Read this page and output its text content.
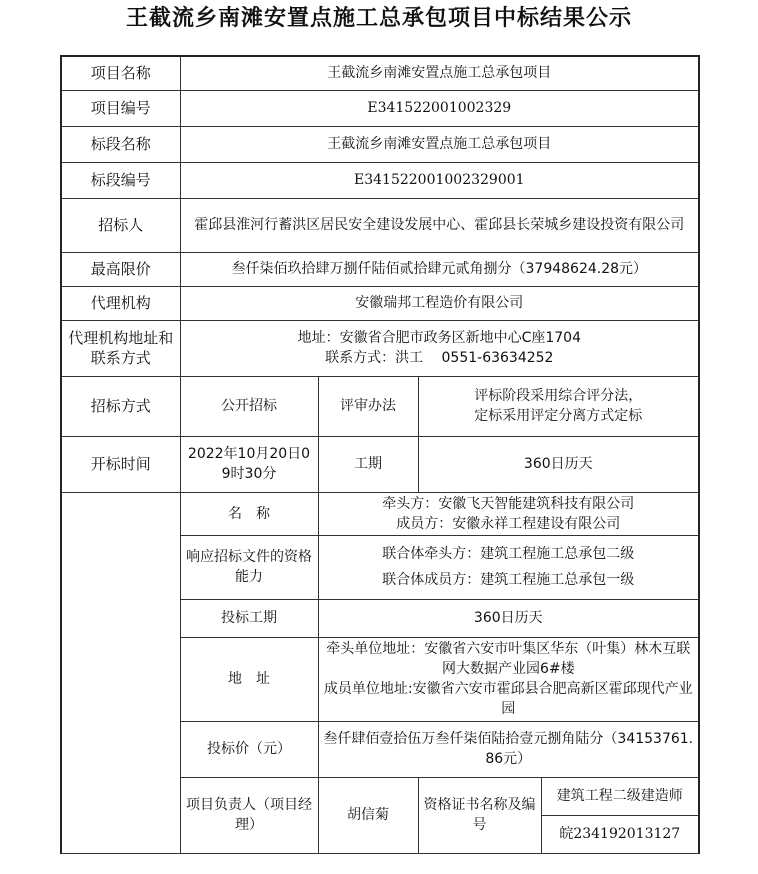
王截流乡南滩安置点施工总承包项目中标结果公示
项目名称	王截流乡南滩安置点施工总承包项目			
项目编号	E341522001002329			
标段名称	王截流乡南滩安置点施工总承包项目			
标段编号	E341522001002329001			
招标人	霍邱县淮河行蓄洪区居民安全建设发展中心、霍邱县长荣城乡建设投资有限公司			
最高限价	叁仟柒佰玖拾肆万捌仟陆佰贰拾肆元贰角捌分（37948624.28元）			
代理机构	安徽瑞邦工程造价有限公司			
代理机构地址和联系方式	地址：安徽省合肥市政务区新地中心C座1704
联系方式：洪工　 0551-63634252			

招标方式	公开招标	评审办法	评标阶段采用综合评分法，
定标采用评定分离方式定标	

开标时间	2022年10月20日09时30分	工期	360日历天	
	名　称	牵头方：安徽飞天智能建筑科技有限公司
成员方：安徽永祥工程建设有限公司		

	响应招标文件的资格能力	联合体牵头方：建筑工程施工总承包二级
联合体成员方：建筑工程施工总承包一级		

	投标工期	360日历天		
	地　址	牵头单位地址：安徽省六安市叶集区华东（叶集）林木互联网大数据产业园6#楼
成员单位地址:安徽省六安市霍邱县合肥高新区霍邱现代产业园		

	投标价（元）	叁仟肆佰壹拾伍万叁仟柒佰陆拾壹元捌角陆分（34153761.86元）		
	项目负责人（项目经理）	胡信菊	资格证书名称及编号	建筑工程二级建造师
				皖234192013127
